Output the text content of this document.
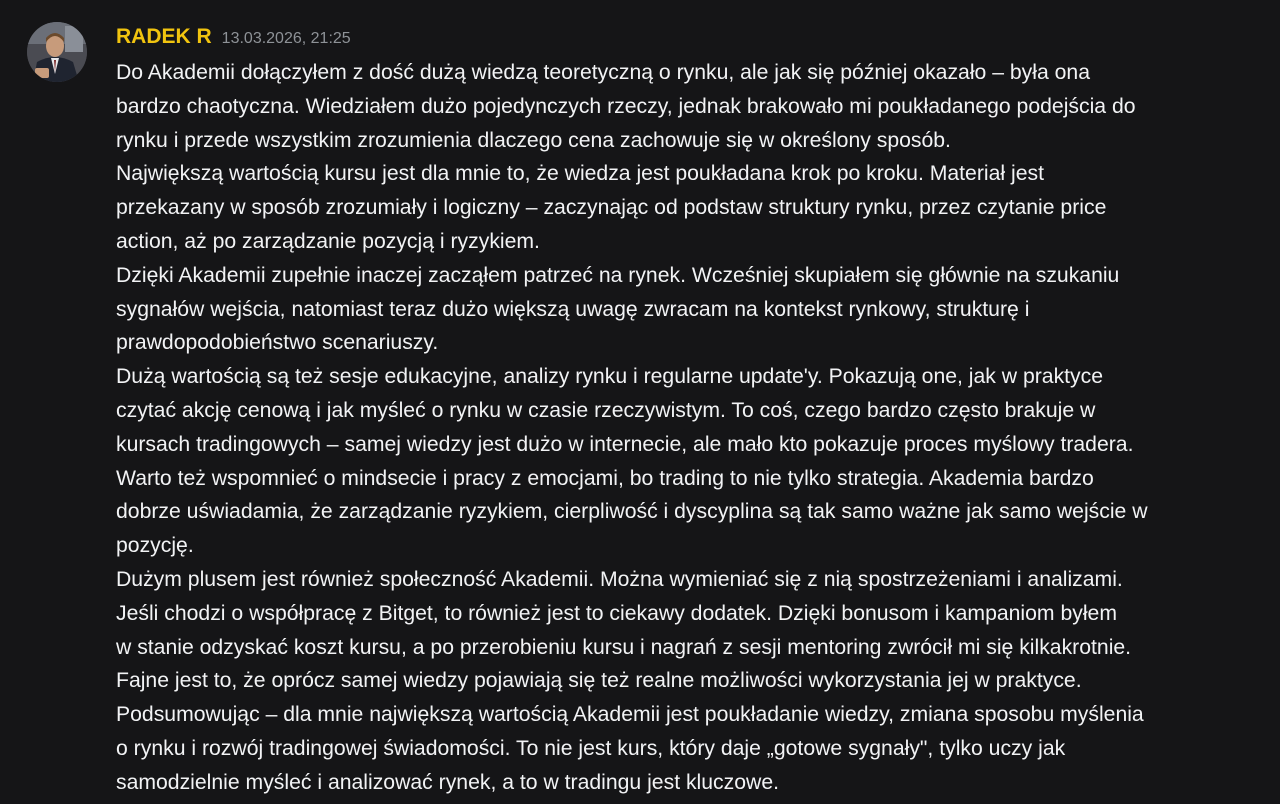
RADEK R 13.03.2026, 21:25
Do Akademii dołączyłem z dość dużą wiedzą teoretyczną o rynku, ale jak się później okazało – była ona
bardzo chaotyczna. Wiedziałem dużo pojedynczych rzeczy, jednak brakowało mi poukładanego podejścia do
rynku i przede wszystkim zrozumienia dlaczego cena zachowuje się w określony sposób.
Największą wartością kursu jest dla mnie to, że wiedza jest poukładana krok po kroku. Materiał jest
przekazany w sposób zrozumiały i logiczny – zaczynając od podstaw struktury rynku, przez czytanie price
action, aż po zarządzanie pozycją i ryzykiem.
Dzięki Akademii zupełnie inaczej zacząłem patrzeć na rynek. Wcześniej skupiałem się głównie na szukaniu
sygnałów wejścia, natomiast teraz dużo większą uwagę zwracam na kontekst rynkowy, strukturę i
prawdopodobieństwo scenariuszy.
Dużą wartością są też sesje edukacyjne, analizy rynku i regularne update'y. Pokazują one, jak w praktyce
czytać akcję cenową i jak myśleć o rynku w czasie rzeczywistym. To coś, czego bardzo często brakuje w
kursach tradingowych – samej wiedzy jest dużo w internecie, ale mało kto pokazuje proces myślowy tradera.
Warto też wspomnieć o mindsecie i pracy z emocjami, bo trading to nie tylko strategia. Akademia bardzo
dobrze uświadamia, że zarządzanie ryzykiem, cierpliwość i dyscyplina są tak samo ważne jak samo wejście w
pozycję.
Dużym plusem jest również społeczność Akademii. Można wymieniać się z nią spostrzeżeniami i analizami.
Jeśli chodzi o współpracę z Bitget, to również jest to ciekawy dodatek. Dzięki bonusom i kampaniom byłem
w stanie odzyskać koszt kursu, a po przerobieniu kursu i nagrań z sesji mentoring zwrócił mi się kilkakrotnie.
Fajne jest to, że oprócz samej wiedzy pojawiają się też realne możliwości wykorzystania jej w praktyce.
Podsumowując – dla mnie największą wartością Akademii jest poukładanie wiedzy, zmiana sposobu myślenia
o rynku i rozwój tradingowej świadomości. To nie jest kurs, który daje „gotowe sygnały", tylko uczy jak
samodzielnie myśleć i analizować rynek, a to w tradingu jest kluczowe.
